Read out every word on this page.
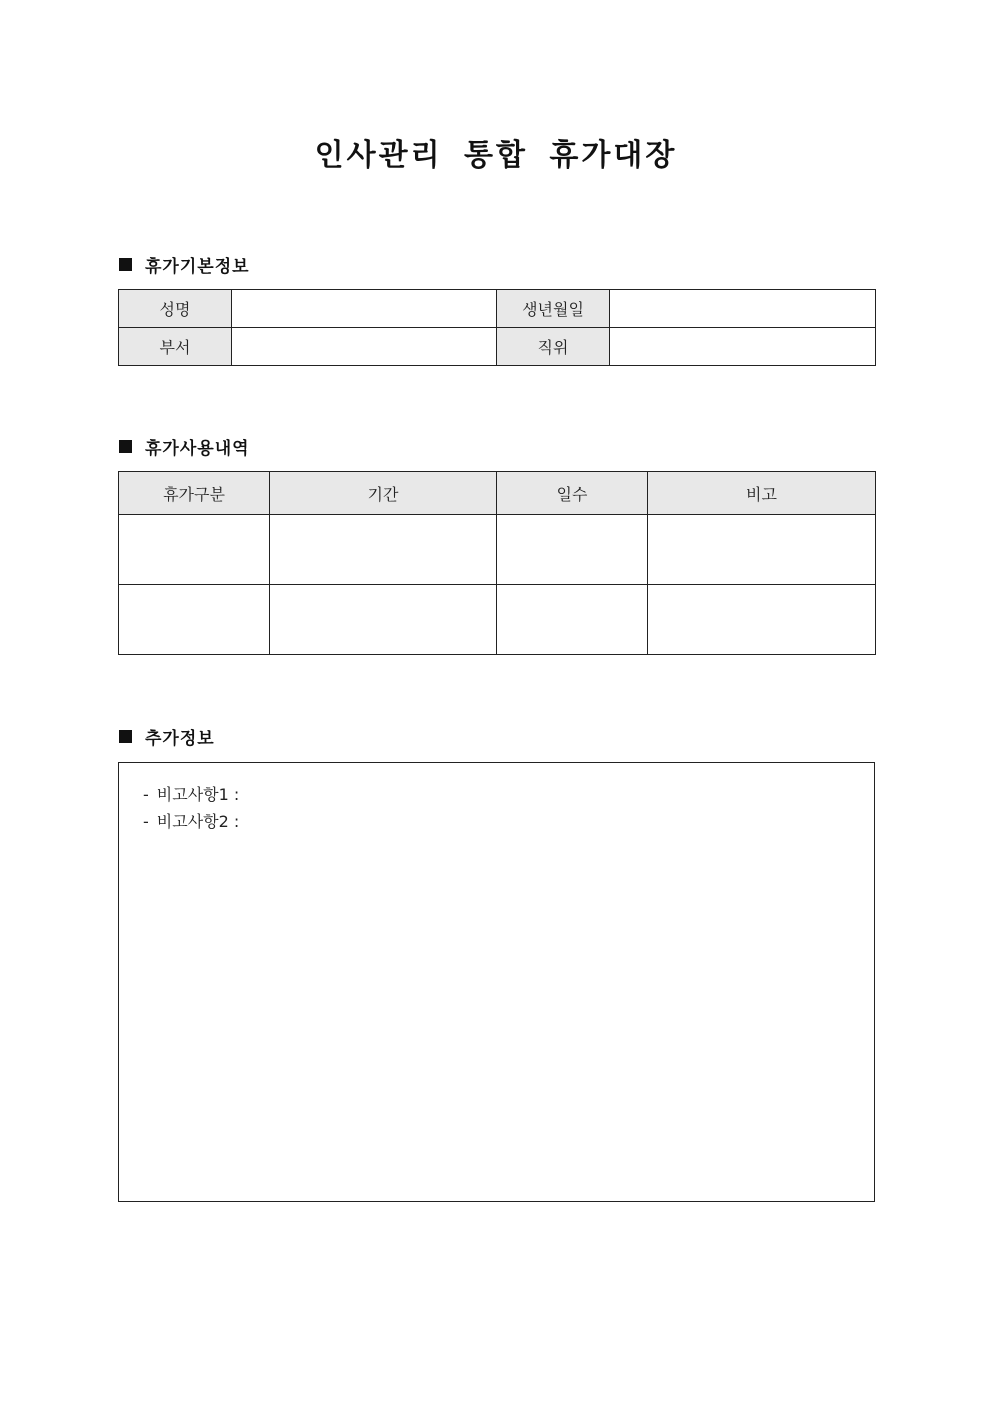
인사관리 통합 휴가대장
휴가기본정보
성명		생년월일	
부서		직위	
휴가사용내역
휴가구분	기간	일수	비고

추가정보
- 비고사항1 :
- 비고사항2 :
